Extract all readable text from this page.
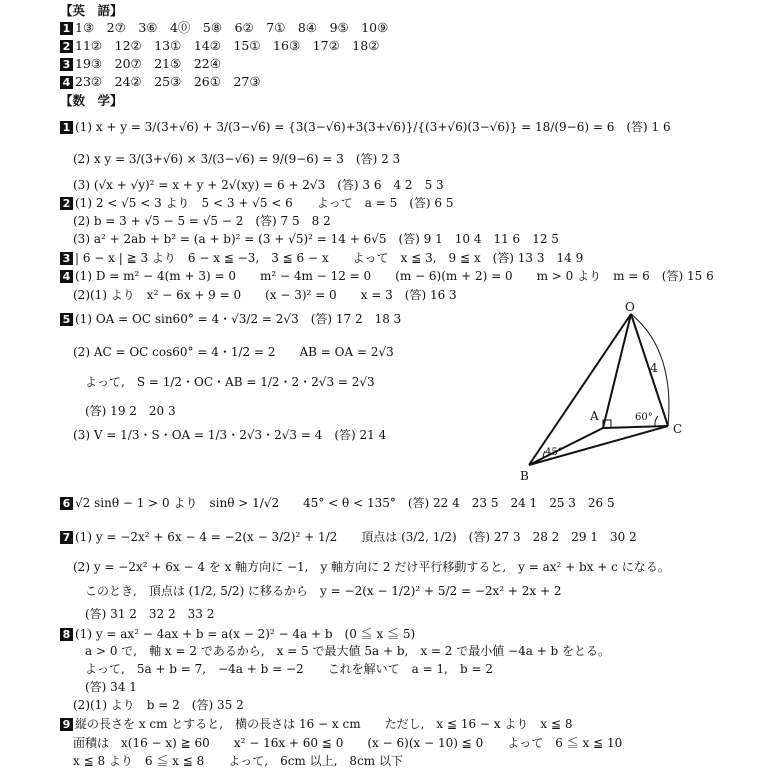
【英　語】
1 1③　2⑦　3⑥　4⓪　5⑧　6②　7①　8④　9⑤　10⑨
2 11②　12②　13①　14②　15①　16③　17②　18②
3 19③　20⑦　21⑤　22④
4 23②　24②　25③　26①　27③
【数　学】
1 (1) x + y = 3/(3+√6) + 3/(3−√6) = {3(3−√6)+3(3+√6)}/{(3+√6)(3−√6)} = 18/(9−6) = 6　(答) 1 6
(2) x y = 3/(3+√6) × 3/(3−√6) = 9/(9−6) = 3　(答) 2 3
(3) (√x + √y)² = x + y + 2√(xy) = 6 + 2√3　(答) 3 6　4 2　5 3
2 (1) 2 < √5 < 3 より　5 < 3 + √5 < 6　　よって　a = 5　(答) 6 5
(2) b = 3 + √5 − 5 = √5 − 2　(答) 7 5　8 2
(3) a² + 2ab + b² = (a + b)² = (3 + √5)² = 14 + 6√5　(答) 9 1　10 4　11 6　12 5
3 | 6 − x | ≧ 3 より　6 − x ≦ −3,　3 ≦ 6 − x　　よって　x ≦ 3,　9 ≦ x　(答) 13 3　14 9
4 (1) D = m² − 4(m + 3) = 0　　m² − 4m − 12 = 0　　(m − 6)(m + 2) = 0　　m > 0 より　m = 6　(答) 15 6
(2)(1) より　x² − 6x + 9 = 0　　(x − 3)² = 0　　x = 3　(答) 16 3
5 (1) OA = OC sin60° = 4・√3/2 = 2√3　(答) 17 2　18 3
(2) AC = OC cos60° = 4・1/2 = 2　　AB = OA = 2√3
よって,　S = 1/2・OC・AB = 1/2・2・2√3 = 2√3
(答) 19 2　20 3
(3) V = 1/3・S・OA = 1/3・2√3・2√3 = 4　(答) 21 4
O
A
B
C
4
60°
45°
6 √2 sinθ − 1 > 0 より　sinθ > 1/√2　　45° < θ < 135°　(答) 22 4　23 5　24 1　25 3　26 5
7 (1) y = −2x² + 6x − 4 = −2(x − 3/2)² + 1/2　　頂点は (3/2, 1/2)　(答) 27 3　28 2　29 1　30 2
(2) y = −2x² + 6x − 4 を x 軸方向に −1,　y 軸方向に 2 だけ平行移動すると,　y = ax² + bx + c になる。
このとき,　頂点は (1/2, 5/2) に移るから　y = −2(x − 1/2)² + 5/2 = −2x² + 2x + 2
(答) 31 2　32 2　33 2
8 (1) y = ax² − 4ax + b = a(x − 2)² − 4a + b　(0 ≦ x ≦ 5)
a > 0 で,　軸 x = 2 であるから,　x = 5 で最大値 5a + b,　x = 2 で最小値 −4a + b をとる。
よって,　5a + b = 7,　−4a + b = −2　　これを解いて　a = 1,　b = 2
(答) 34 1
(2)(1) より　b = 2　(答) 35 2
9 縦の長さを x cm とすると,　横の長さは 16 − x cm　　ただし,　x ≦ 16 − x より　x ≦ 8
面積は　x(16 − x) ≧ 60　　x² − 16x + 60 ≦ 0　　(x − 6)(x − 10) ≦ 0　　よって　6 ≦ x ≦ 10
x ≦ 8 より　6 ≦ x ≦ 8　　よって,　6cm 以上,　8cm 以下
